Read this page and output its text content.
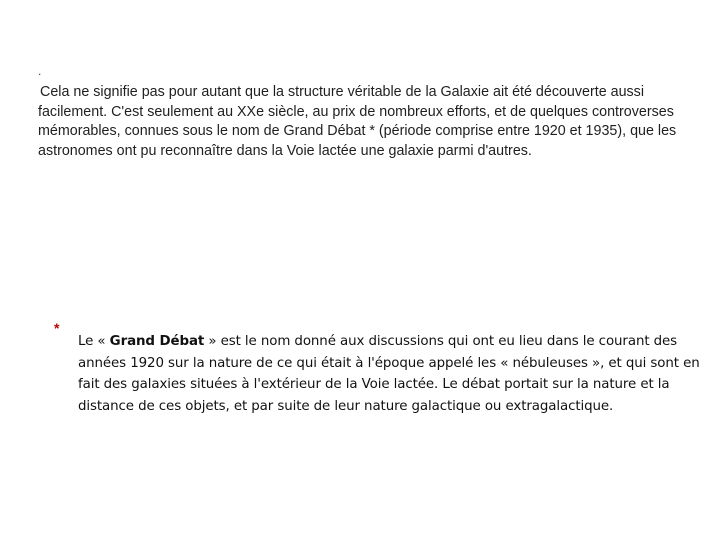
.

Cela ne signifie pas pour autant que la structure véritable de la Galaxie ait été découverte aussi facilement. C'est seulement au XXe siècle, au prix de nombreux efforts, et de quelques controverses mémorables, connues sous le nom de Grand Débat * (période comprise entre 1920 et 1935), que les astronomes ont pu reconnaître dans la Voie lactée une galaxie parmi d'autres.

*

Le « Grand Débat » est le nom donné aux discussions qui ont eu lieu dans le courant des années 1920 sur la nature de ce qui était à l'époque appelé les « nébuleuses », et qui sont en fait des galaxies situées à l'extérieur de la Voie lactée. Le débat portait sur la nature et la distance de ces objets, et par suite de leur nature galactique ou extragalactique.
